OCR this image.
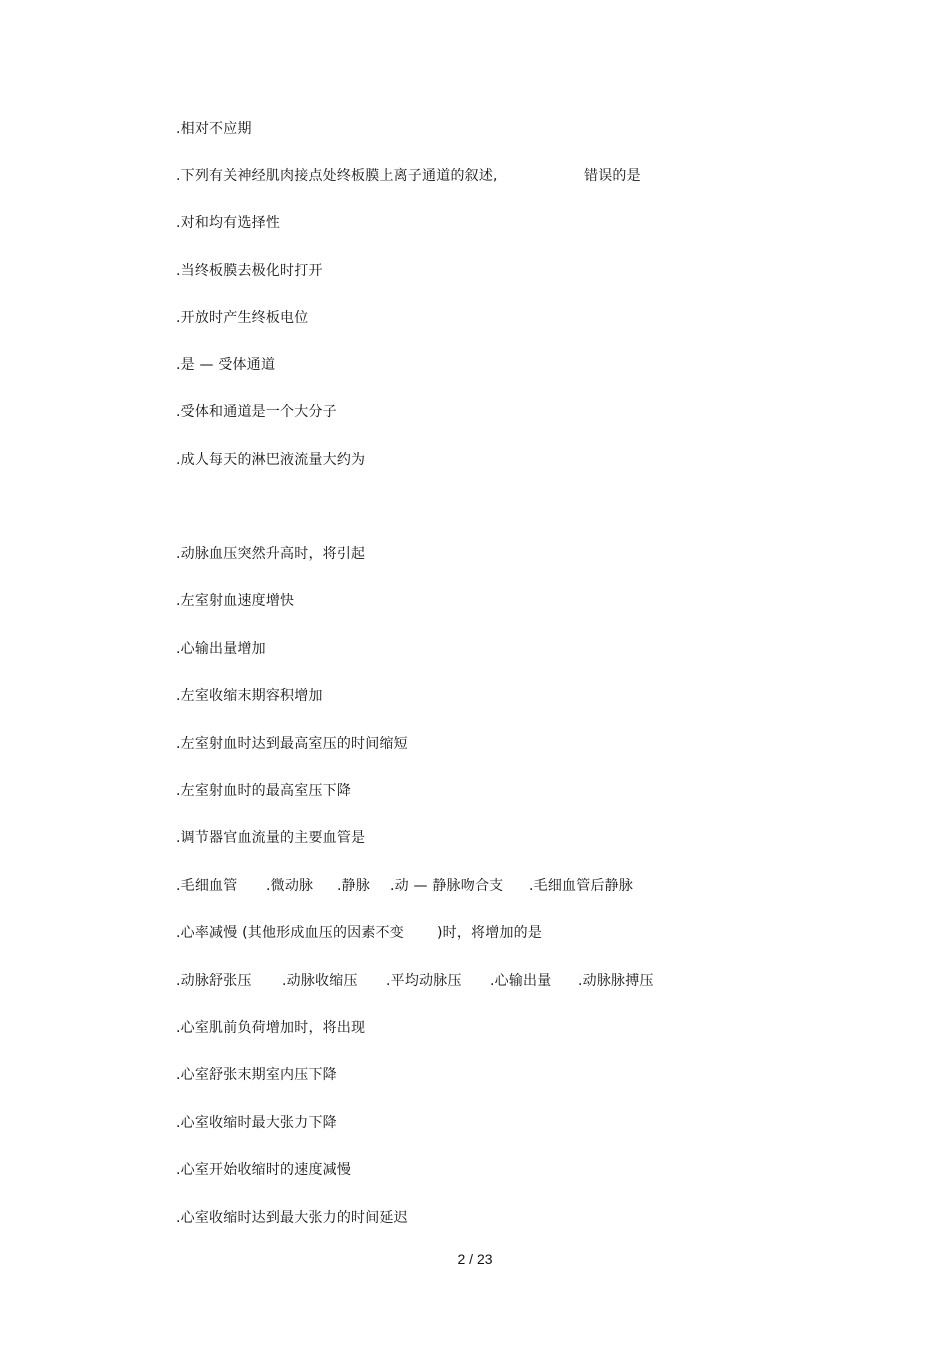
.相对不应期
.下列有关神经肌肉接点处终板膜上离子通道的叙述,	错误的是
.对和均有选择性
.当终板膜去极化时打开
.开放时产生终板电位
.是 — 受体通道
.受体和通道是一个大分子
.成人每天的淋巴液流量大约为
.动脉血压突然升高时，将引起
.左室射血速度增快
.心输出量增加
.左室收缩末期容积增加
.左室射血时达到最高室压的时间缩短
.左室射血时的最高室压下降
.调节器官血流量的主要血管是
.毛细血管 .微动脉 .静脉 .动 — 静脉吻合支 .毛细血管后静脉
.心率减慢 (其他形成血压的因素不变 )时，将增加的是
.动脉舒张压 .动脉收缩压 .平均动脉压 .心输出量 .动脉脉搏压
.心室肌前负荷增加时，将出现
.心室舒张末期室内压下降
.心室收缩时最大张力下降
.心室开始收缩时的速度减慢
.心室收缩时达到最大张力的时间延迟
2 / 23
